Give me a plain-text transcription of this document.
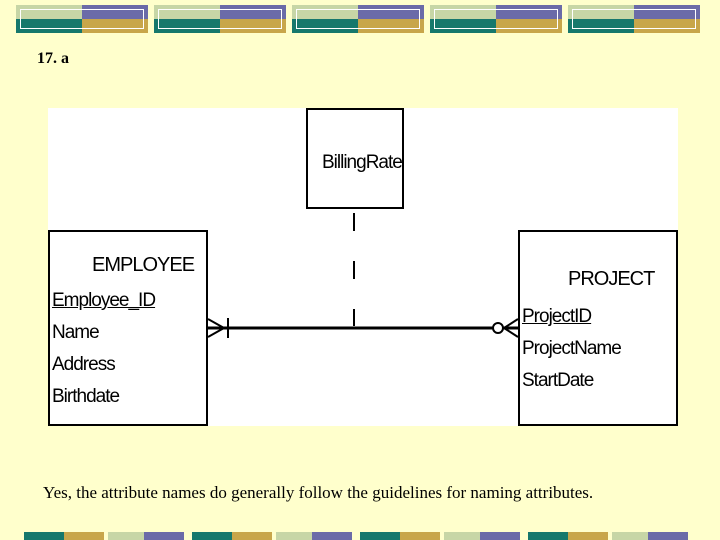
17. a
BillingRate
EMPLOYEE
Employee_ID
Name
Address
Birthdate
PROJECT
ProjectID
ProjectName
StartDate
Yes, the attribute names do generally follow the guidelines for naming attributes.
